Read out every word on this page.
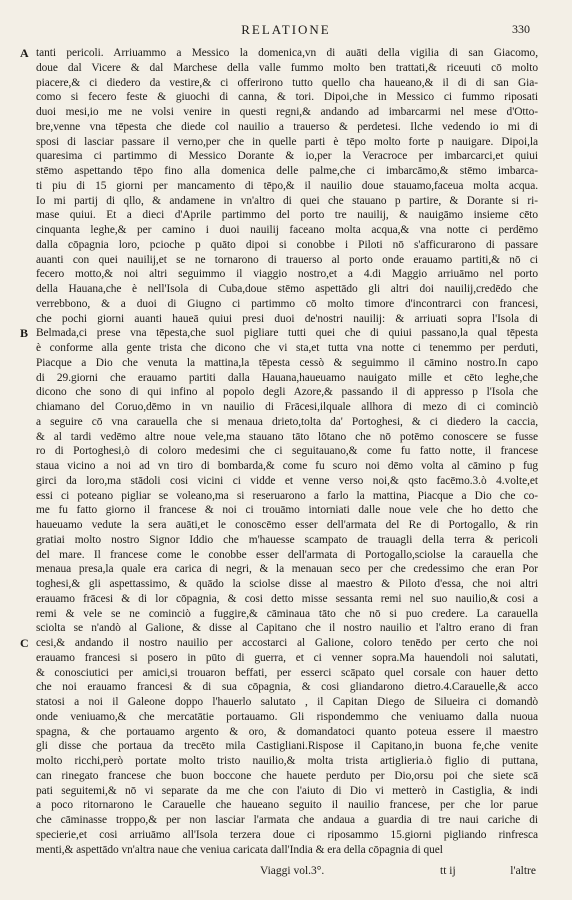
RELATIONE	330
A
B
C
tanti pericoli. Arriuammo a Messico la domenica,vn di auāti della vigilia di san Giacomo,
doue dal Vicere & dal Marchese della valle fummo molto ben trattati,& riceuuti cō molto
piacere,& ci diedero da vestire,& ci offerirono tutto quello cha haueano,& il di di san Gia-
como si fecero feste & giuochi di canna, & tori. Dipoi,che in Messico ci fummo riposati
duoi mesi,io me ne volsi venire in questi regni,& andando ad imbarcarmi nel mese d'Otto-
bre,venne vna tēpesta che diede col nauilio a trauerso & perdetesi. Ilche vedendo io mi di
sposi di lasciar passare il verno,per che in quelle parti è tēpo molto forte p nauigare. Dipoi,la
quaresima ci partimmo di Messico Dorante & io,per la Veracroce per imbarcarci,et quiui
stēmo aspettando tēpo fino alla domenica delle palme,che ci imbarcāmo,& stēmo imbarca-
ti piu di 15 giorni per mancamento di tēpo,& il nauilio doue stauamo,faceua molta acqua.
Io mi partij di qllo, & andamene in vn'altro di quei che stauano p partire, & Dorante si ri-
mase quiui. Et a dieci d'Aprile partimmo del porto tre nauilij, & nauigāmo insieme cēto
cinquanta leghe,& per camino i duoi nauilij faceano molta acqua,& vna notte ci perdēmo
dalla cōpagnia loro, pcioche p quāto dipoi si conobbe i Piloti nō s'afficurarono di passare
auanti con quei nauilij,et se ne tornarono di trauerso al porto onde erauamo partiti,& nō ci
fecero motto,& noi altri seguimmo il viaggio nostro,et a 4.di Maggio arriuāmo nel porto
della Hauana,che è nell'Isola di Cuba,doue stēmo aspettādo gli altri doi nauilij,credēdo che
verrebbono, & a duoi di Giugno ci partimmo cō molto timore d'incontrarci con francesi,
che pochi giorni auanti haueā quiui presi duoi de'nostri nauilij: & arriuati sopra l'Isola di
Belmada,ci prese vna tēpesta,che suol pigliare tutti quei che di quiui passano,la qual tēpesta
è conforme alla gente trista che dicono che vi sta,et tutta vna notte ci tenemmo per perduti,
Piacque a Dio che venuta la mattina,la tēpesta cessò & seguimmo il cāmino nostro.In capo
di 29.giorni che erauamo partiti dalla Hauana,haueuamo nauigato mille et cēto leghe,che
dicono che sono di qui infino al popolo degli Azore,& passando il di appresso p l'Isola che
chiamano del Coruo,dēmo in vn nauilio di Frācesi,ilquale allhora di mezo di ci cominciò
a seguire cō vna carauella che si menaua drieto,tolta da' Portoghesi, & ci diedero la caccia,
& al tardi vedēmo altre noue vele,ma stauano tāto lōtano che nō potēmo conoscere se fusse
ro di Portoghesi,ò di coloro medesimi che ci seguitauano,& come fu fatto notte, il francese
staua vicino a noi ad vn tiro di bombarda,& come fu scuro noi dēmo volta al cāmino p fug
girci da loro,ma stādoli cosi vicini ci vidde et venne verso noi,& qsto facēmo.3.ò 4.volte,et
essi ci poteano pigliar se voleano,ma si reseruarono a farlo la mattina, Piacque a Dio che co-
me fu fatto giorno il francese & noi ci trouāmo intorniati dalle noue vele che ho detto che
haueuamo vedute la sera auāti,et le conoscēmo esser dell'armata del Re di Portogallo, & rin
gratiai molto nostro Signor Iddio che m'hauesse scampato de trauagli della terra & pericoli
del mare. Il francese come le conobbe esser dell'armata di Portogallo,sciolse la carauella che
menaua presa,la quale era carica di negri, & la menauan seco per che credessimo che eran Por
toghesi,& gli aspettassimo, & quādo la sciolse disse al maestro & Piloto d'essa, che noi altri
erauamo frācesi & di lor cōpagnia, & cosi detto misse sessanta remi nel suo nauilio,& cosi a
remi & vele se ne cominciò a fuggire,& cāminaua tāto che nō si puo credere. La carauella
sciolta se n'andò al Galione, & disse al Capitano che il nostro nauilio et l'altro erano di fran
cesi,& andando il nostro nauilio per accostarci al Galione, coloro tenēdo per certo che noi
erauamo francesi si posero in pūto di guerra, et ci venner sopra.Ma hauendoli noi salutati,
& conosciutici per amici,si trouaron beffati, per esserci scāpato quel corsale con hauer detto
che noi erauamo francesi & di sua cōpagnia, & cosi gliandarono dietro.4.Carauelle,& acco
statosi a noi il Galeone doppo l'hauerlo salutato , il Capitan Diego de Silueira ci domandò
onde veniuamo,& che mercatātie portauamo. Gli rispondemmo che veniuamo dalla nuoua
spagna, & che portauamo argento & oro, & domandatoci quanto poteua essere il maestro
gli disse che portaua da trecēto mila Castigliani.Rispose il Capitano,in buona fe,che venite
molto ricchi,però portate molto tristo nauilio,& molta trista artiglieria.ò figlio di puttana,
can rinegato francese che buon boccone che hauete perduto per Dio,orsu poi che siete scā
pati seguitemi,& nō vi separate da me che con l'aiuto di Dio vi metterò in Castiglia, & indi
a poco ritornarono le Carauelle che haueano seguito il nauilio francese, per che lor parue
che cāminasse troppo,& per non lasciar l'armata che andaua a guardia di tre naui cariche di
specierie,et cosi arriuāmo all'Isola terzera doue ci riposammo 15.giorni pigliando rinfresca
menti,& aspettādo vn'altra naue che veniua caricata dall'India & era della cōpagnia di quel
Viaggi vol.3°.	tt ij	l'altre
